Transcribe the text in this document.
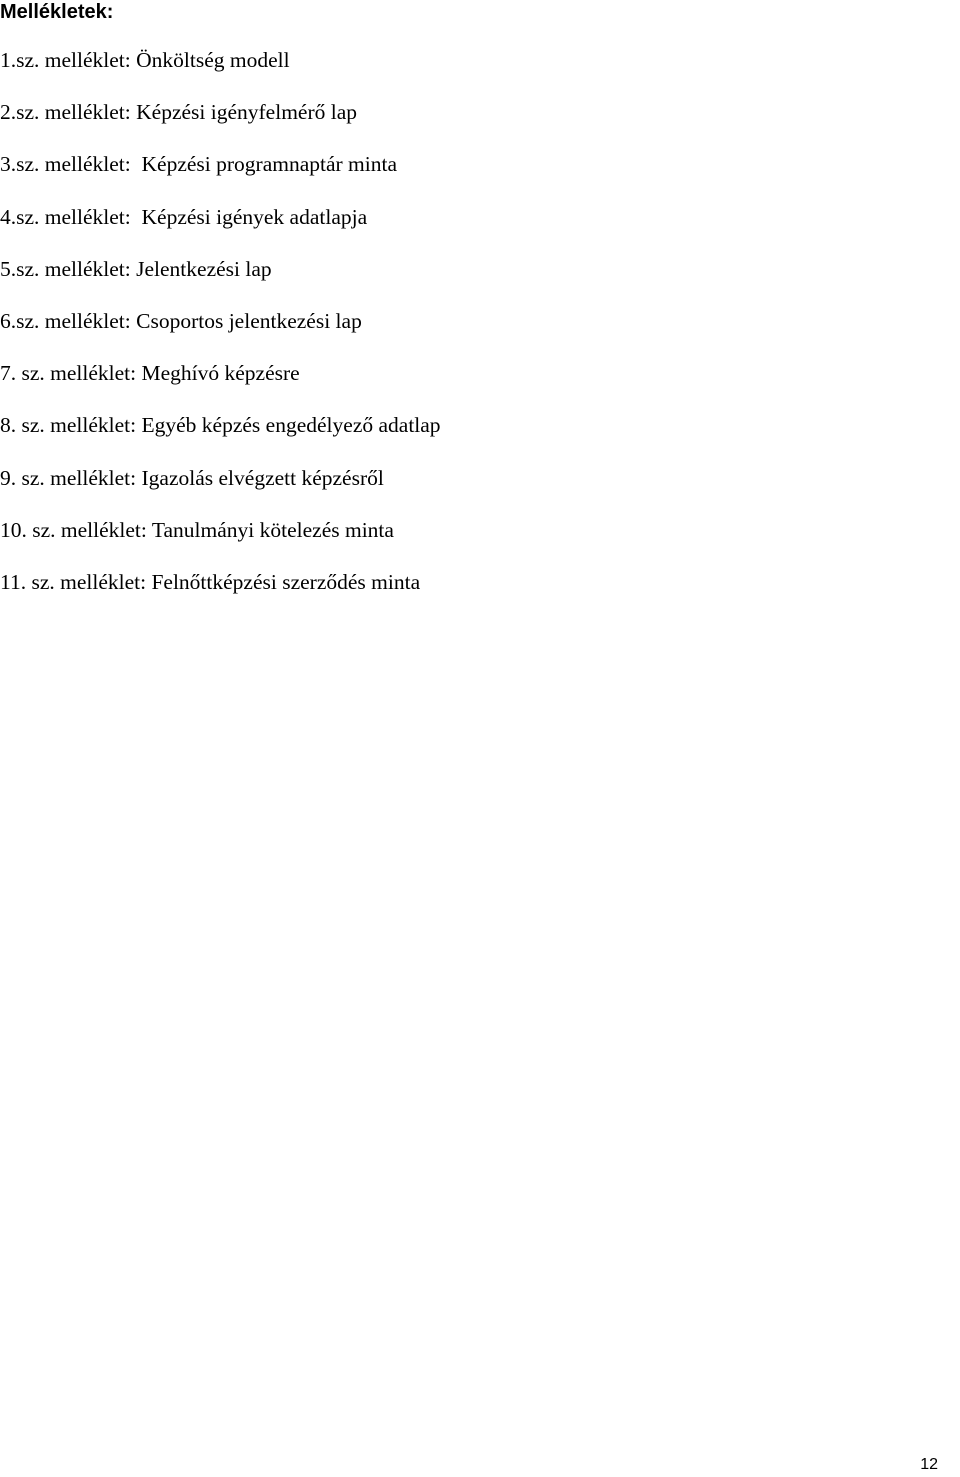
Mellékletek:
1.sz. melléklet: Önköltség modell
2.sz. melléklet: Képzési igényfelmérő lap
3.sz. melléklet:  Képzési programnaptár minta
4.sz. melléklet:  Képzési igények adatlapja
5.sz. melléklet: Jelentkezési lap
6.sz. melléklet: Csoportos jelentkezési lap
7. sz. melléklet: Meghívó képzésre
8. sz. melléklet: Egyéb képzés engedélyező adatlap
9. sz. melléklet: Igazolás elvégzett képzésről
10. sz. melléklet: Tanulmányi kötelezés minta
11. sz. melléklet: Felnőttképzési szerződés minta
12
